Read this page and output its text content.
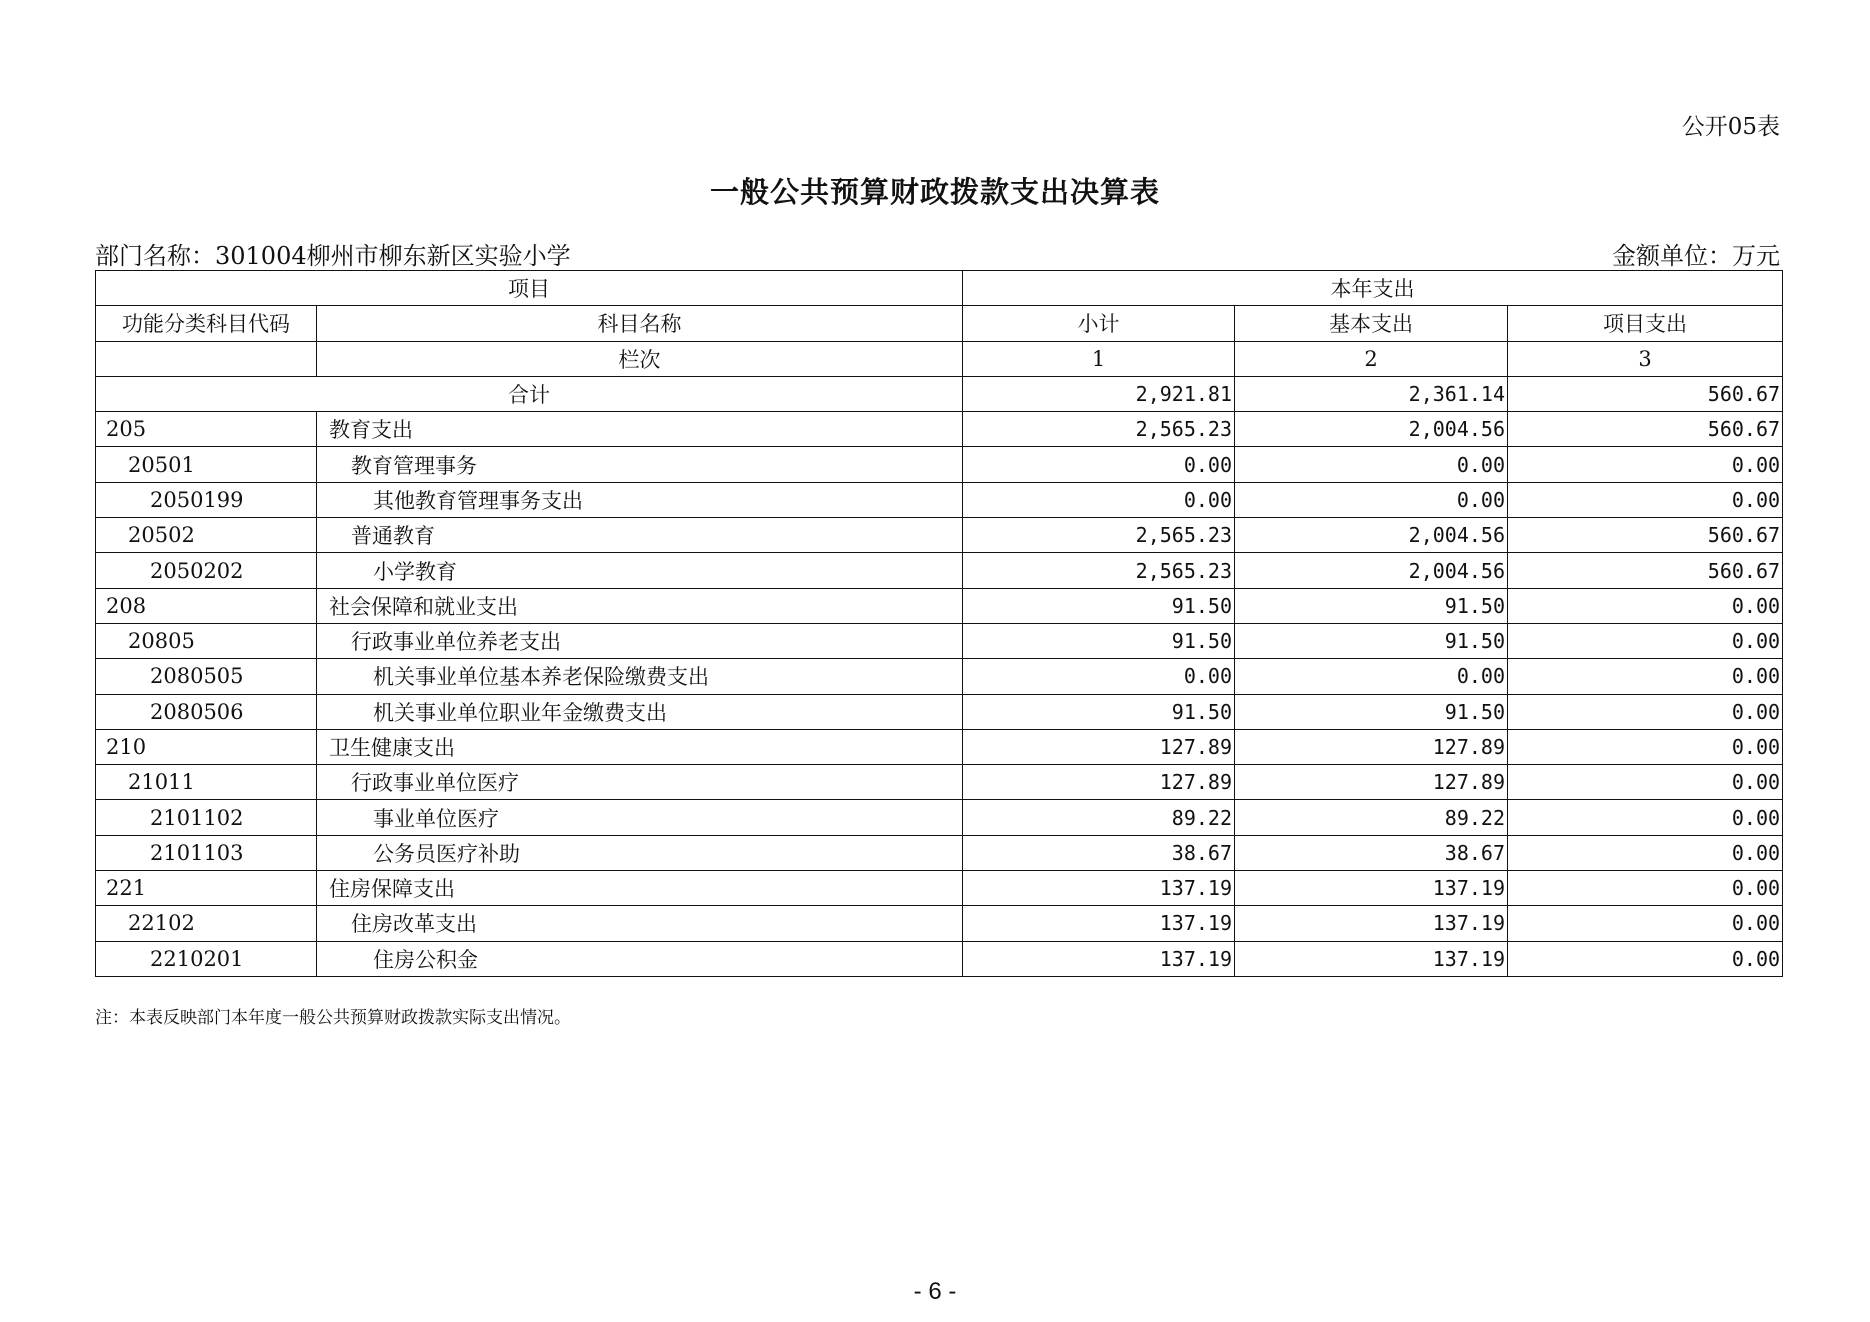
公开05表
一般公共预算财政拨款支出决算表
部门名称：301004柳州市柳东新区实验小学	金额单位：万元
项目		本年支出		
功能分类科目代码	科目名称	小计	基本支出	项目支出
	栏次	1	2	3
合计		2,921.81	2,361.14	560.67
205	教育支出	2,565.23	2,004.56	560.67
20501	教育管理事务	0.00	0.00	0.00
2050199	其他教育管理事务支出	0.00	0.00	0.00
20502	普通教育	2,565.23	2,004.56	560.67
2050202	小学教育	2,565.23	2,004.56	560.67
208	社会保障和就业支出	91.50	91.50	0.00
20805	行政事业单位养老支出	91.50	91.50	0.00
2080505	机关事业单位基本养老保险缴费支出	0.00	0.00	0.00
2080506	机关事业单位职业年金缴费支出	91.50	91.50	0.00
210	卫生健康支出	127.89	127.89	0.00
21011	行政事业单位医疗	127.89	127.89	0.00
2101102	事业单位医疗	89.22	89.22	0.00
2101103	公务员医疗补助	38.67	38.67	0.00
221	住房保障支出	137.19	137.19	0.00
22102	住房改革支出	137.19	137.19	0.00
2210201	住房公积金	137.19	137.19	0.00
注：本表反映部门本年度一般公共预算财政拨款实际支出情况。
- 6 -
